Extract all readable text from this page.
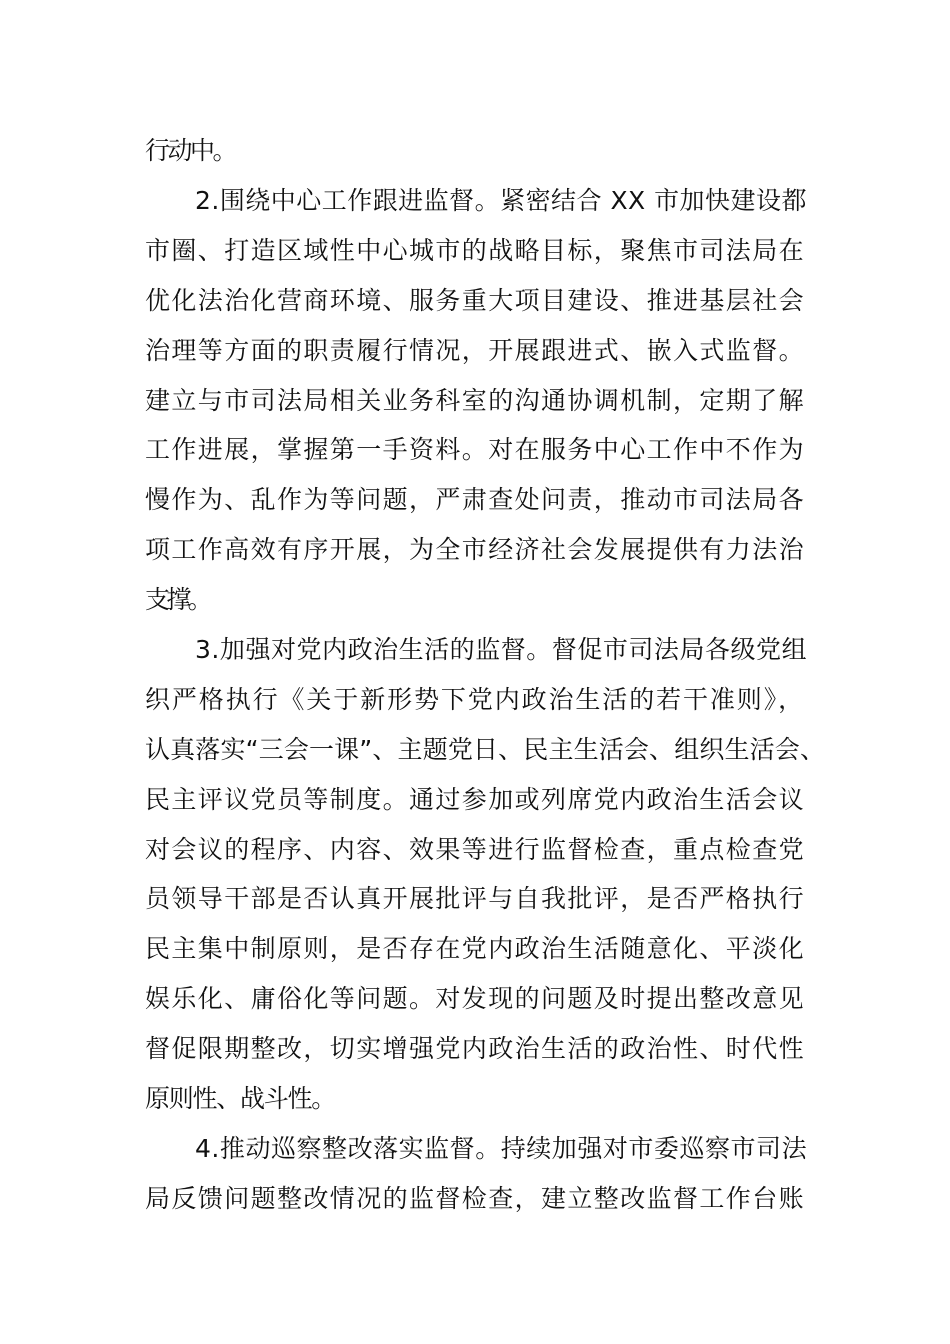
行动中。
2.围绕中心工作跟进监督。紧密结合 XX 市加快建设都
市圈、打造区域性中心城市的战略目标，聚焦市司法局在
优化法治化营商环境、服务重大项目建设、推进基层社会
治理等方面的职责履行情况，开展跟进式、嵌入式监督。
建立与市司法局相关业务科室的沟通协调机制，定期了解
工作进展，掌握第一手资料。对在服务中心工作中不作为
慢作为、乱作为等问题，严肃查处问责，推动市司法局各
项工作高效有序开展，为全市经济社会发展提供有力法治
支撑。
3.加强对党内政治生活的监督。督促市司法局各级党组
织严格执行《关于新形势下党内政治生活的若干准则》，
认真落实“三会一课”、主题党日、民主生活会、组织生活会、
民主评议党员等制度。通过参加或列席党内政治生活会议
对会议的程序、内容、效果等进行监督检查，重点检查党
员领导干部是否认真开展批评与自我批评，是否严格执行
民主集中制原则，是否存在党内政治生活随意化、平淡化
娱乐化、庸俗化等问题。对发现的问题及时提出整改意见
督促限期整改，切实增强党内政治生活的政治性、时代性
原则性、战斗性。
4.推动巡察整改落实监督。持续加强对市委巡察市司法
局反馈问题整改情况的监督检查，建立整改监督工作台账
